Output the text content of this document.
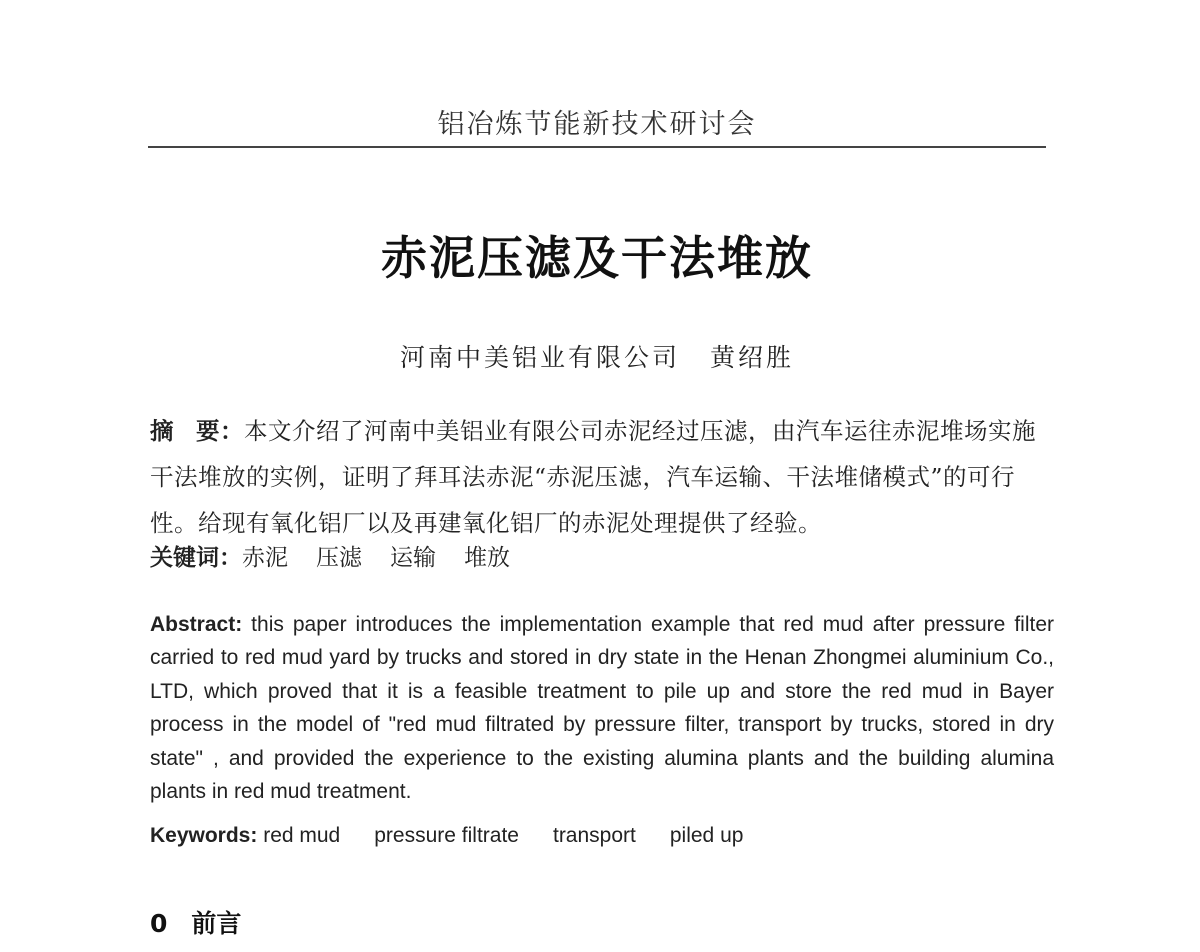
铝冶炼节能新技术研讨会
赤泥压滤及干法堆放
河南中美铝业有限公司 黄绍胜
摘 要：本文介绍了河南中美铝业有限公司赤泥经过压滤，由汽车运往赤泥堆场实施干法堆放的实例，证明了拜耳法赤泥“赤泥压滤，汽车运输、干法堆储模式”的可行性。给现有氧化铝厂以及再建氧化铝厂的赤泥处理提供了经验。
关键词：赤泥 压滤 运输 堆放
Abstract: this paper introduces the implementation example that red mud after pressure filter carried to red mud yard by trucks and stored in dry state in the Henan Zhongmei aluminium Co., LTD, which proved that it is a feasible treatment to pile up and store the red mud in Bayer process in the model of "red mud filtrated by pressure filter, transport by trucks, stored in dry state" , and provided the experience to the existing alumina plants and the building alumina plants in red mud treatment.
Keywords: red mud pressure filtrate transport piled up
0 前言
